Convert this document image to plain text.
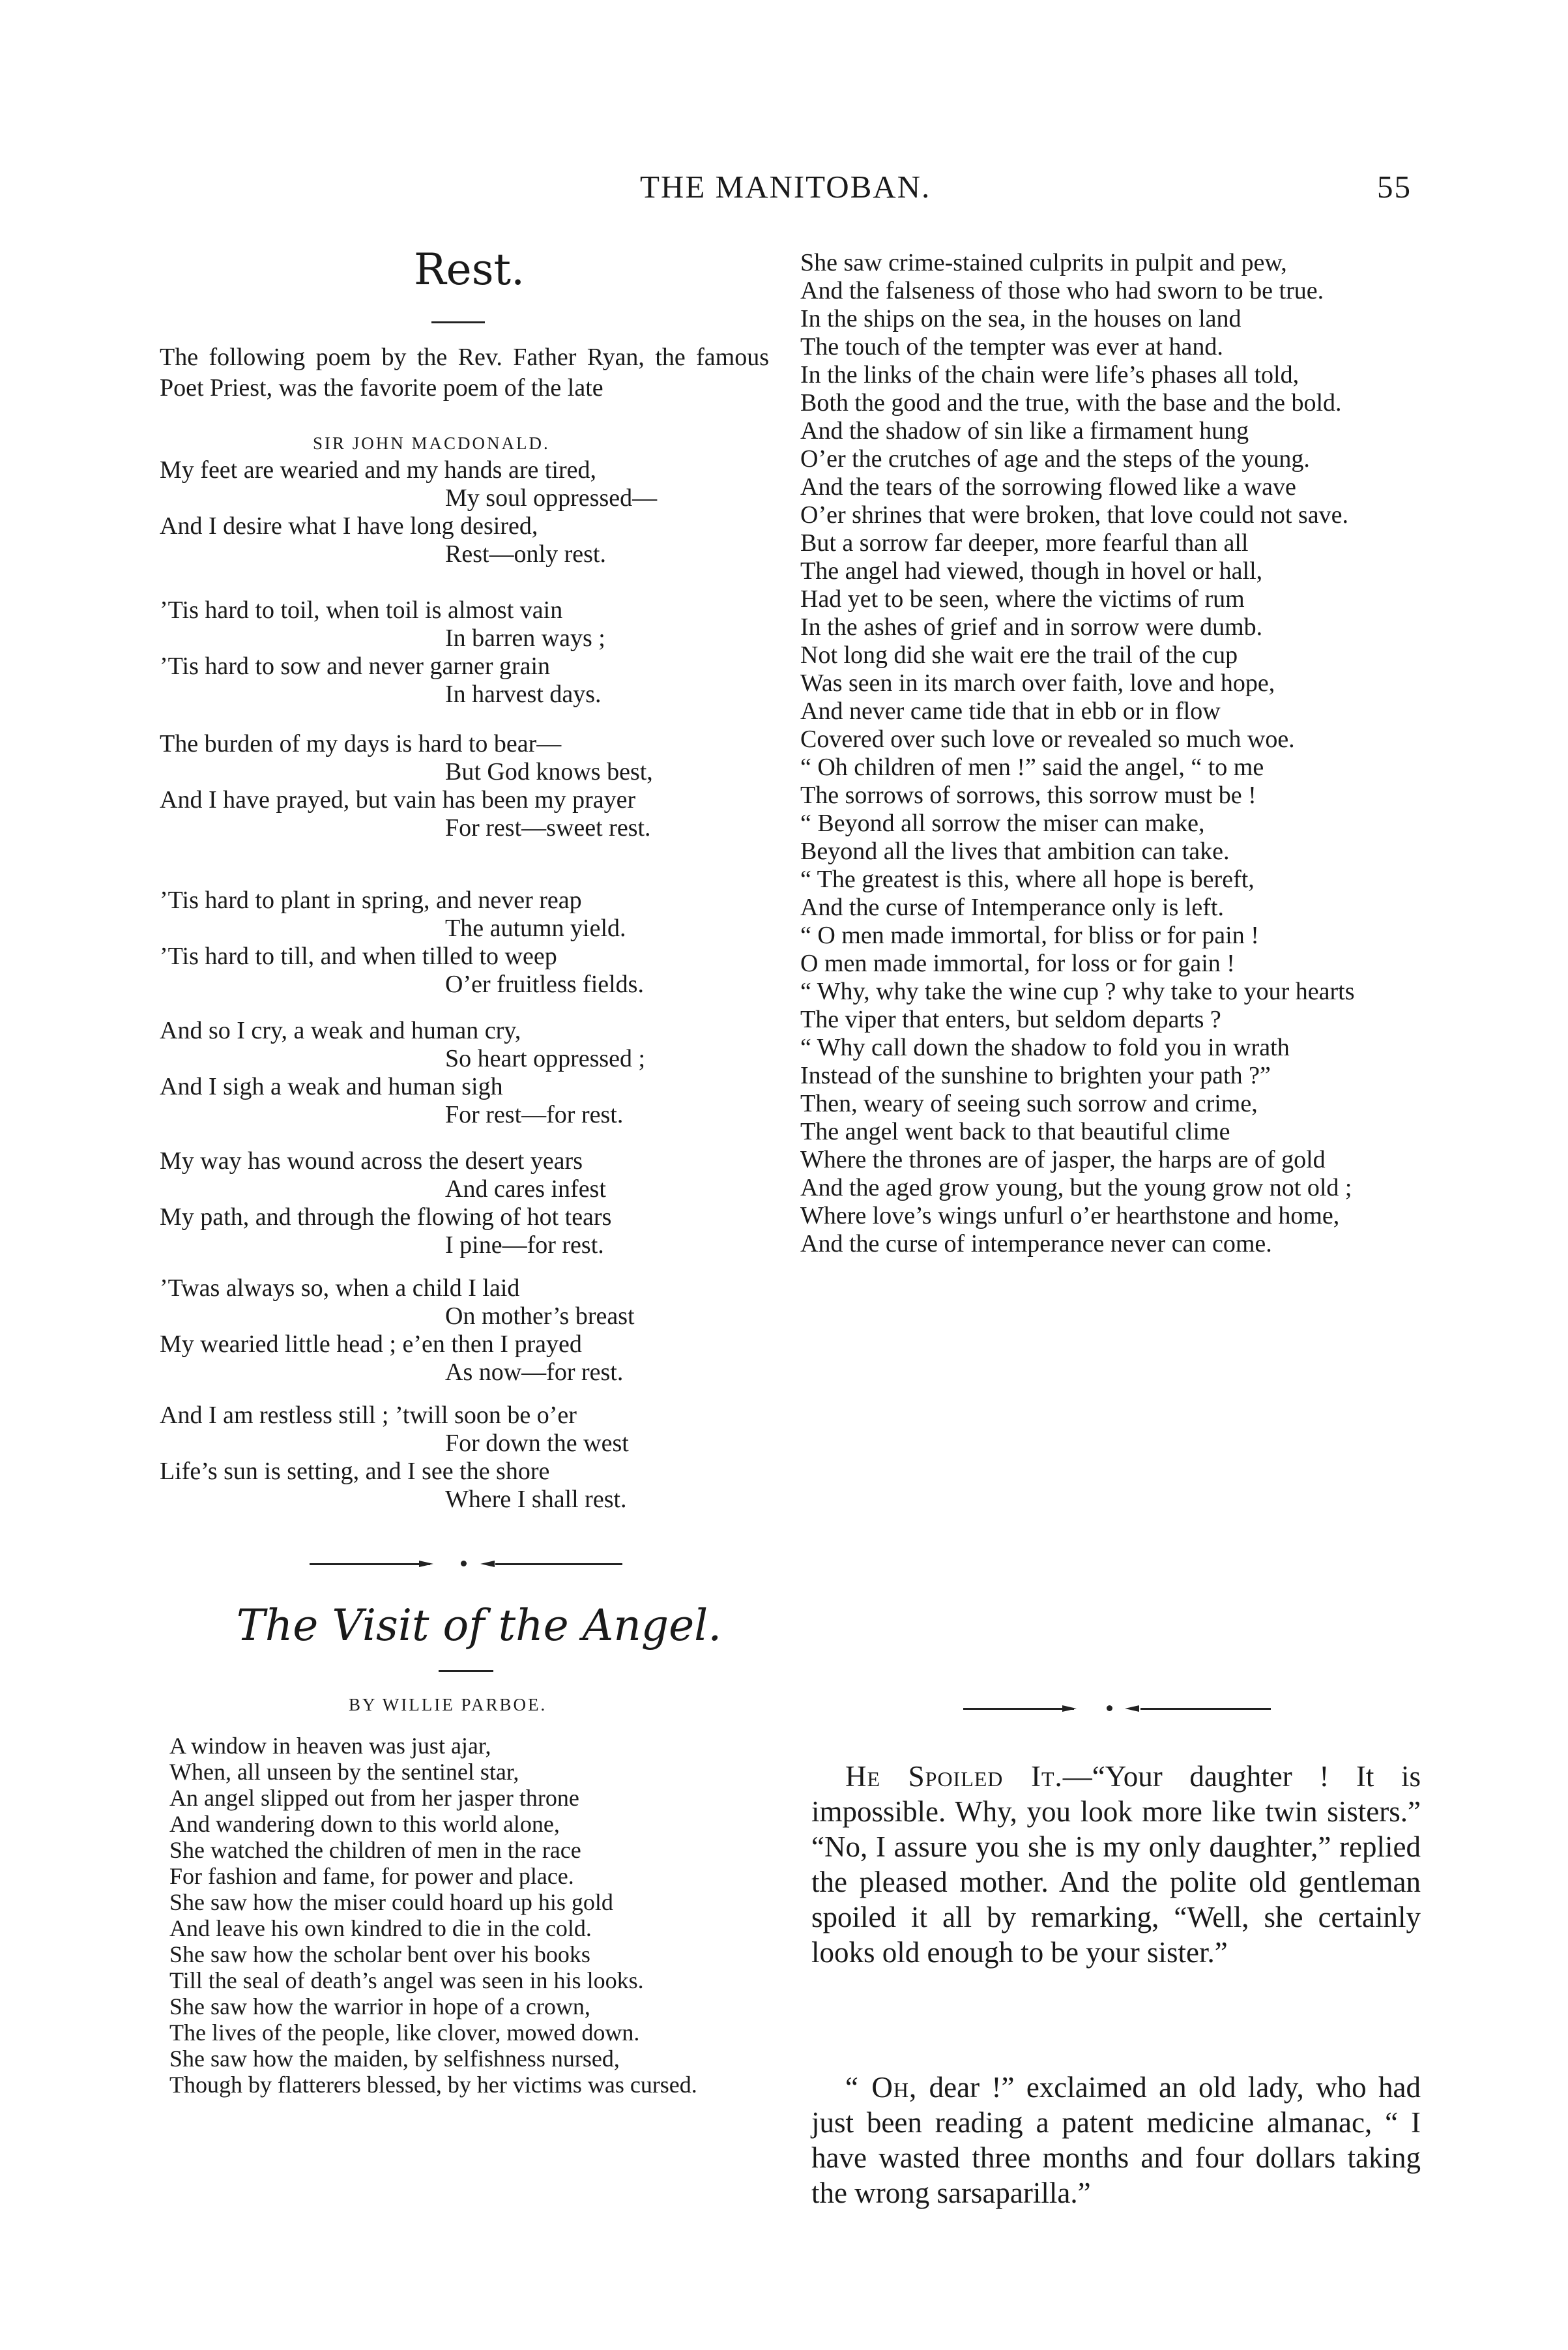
THE MANITOBAN.	55
Rest.
The following poem by the Rev. Father Ryan, the famous Poet Priest, was the favorite poem of the late
SIR JOHN MACDONALD.
My feet are wearied and my hands are tired,
My soul oppressed—
And I desire what I have long desired,
Rest—only rest.
’Tis hard to toil, when toil is almost vain
In barren ways ;
’Tis hard to sow and never garner grain
In harvest days.
The burden of my days is hard to bear—
But God knows best,
And I have prayed, but vain has been my prayer
For rest—sweet rest.
’Tis hard to plant in spring, and never reap
The autumn yield.
’Tis hard to till, and when tilled to weep
O’er fruitless fields.
And so I cry, a weak and human cry,
So heart oppressed ;
And I sigh a weak and human sigh
For rest—for rest.
My way has wound across the desert years
And cares infest
My path, and through the flowing of hot tears
I pine—for rest.
’Twas always so, when a child I laid
On mother’s breast
My wearied little head ; e’en then I prayed
As now—for rest.
And I am restless still ; ’twill soon be o’er
For down the west
Life’s sun is setting, and I see the shore
Where I shall rest.
The Visit of the Angel.
BY WILLIE PARBOE.
A window in heaven was just ajar,
When, all unseen by the sentinel star,
An angel slipped out from her jasper throne
And wandering down to this world alone,
She watched the children of men in the race
For fashion and fame, for power and place.
She saw how the miser could hoard up his gold
And leave his own kindred to die in the cold.
She saw how the scholar bent over his books
Till the seal of death’s angel was seen in his looks.
She saw how the warrior in hope of a crown,
The lives of the people, like clover, mowed down.
She saw how the maiden, by selfishness nursed,
Though by flatterers blessed, by her victims was cursed.
She saw crime-stained culprits in pulpit and pew,
And the falseness of those who had sworn to be true.
In the ships on the sea, in the houses on land
The touch of the tempter was ever at hand.
In the links of the chain were life’s phases all told,
Both the good and the true, with the base and the bold.
And the shadow of sin like a firmament hung
O’er the crutches of age and the steps of the young.
And the tears of the sorrowing flowed like a wave
O’er shrines that were broken, that love could not save.
But a sorrow far deeper, more fearful than all
The angel had viewed, though in hovel or hall,
Had yet to be seen, where the victims of rum
In the ashes of grief and in sorrow were dumb.
Not long did she wait ere the trail of the cup
Was seen in its march over faith, love and hope,
And never came tide that in ebb or in flow
Covered over such love or revealed so much woe.
“ Oh children of men !” said the angel, “ to me
The sorrows of sorrows, this sorrow must be !
“ Beyond all sorrow the miser can make,
Beyond all the lives that ambition can take.
“ The greatest is this, where all hope is bereft,
And the curse of Intemperance only is left.
“ O men made immortal, for bliss or for pain !
O men made immortal, for loss or for gain !
“ Why, why take the wine cup ? why take to your hearts
The viper that enters, but seldom departs ?
“ Why call down the shadow to fold you in wrath
Instead of the sunshine to brighten your path ?”
Then, weary of seeing such sorrow and crime,
The angel went back to that beautiful clime
Where the thrones are of jasper, the harps are of gold
And the aged grow young, but the young grow not old ;
Where love’s wings unfurl o’er hearthstone and home,
And the curse of intemperance never can come.

He Spoiled It.—“Your daughter ! It is impossible. Why, you look more like twin sisters.” “No, I assure you she is my only daughter,” replied the pleased mother. And the polite old gentleman spoiled it all by remarking, “Well, she certainly looks old enough to be your sister.”

“ Oh, dear !” exclaimed an old lady, who had just been reading a patent medicine almanac, “ I have wasted three months and four dollars taking the wrong sarsaparilla.”
